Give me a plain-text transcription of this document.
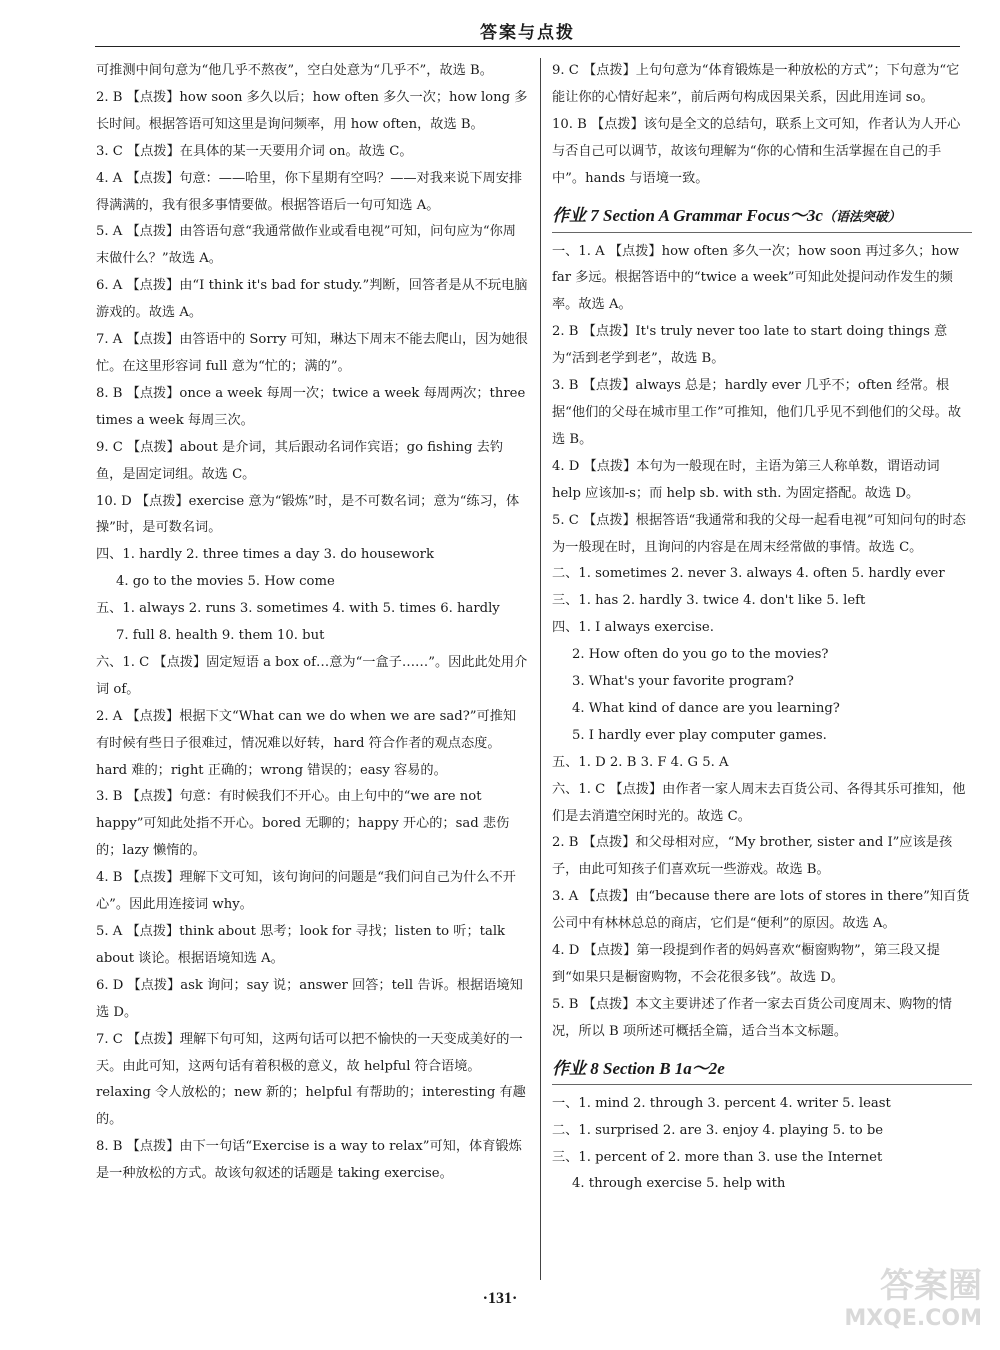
答案与点拨

可推测中间句意为“他几乎不熬夜”，空白处意为“几乎不”，故选 B。

2. B 【点拨】how soon 多久以后；how often 多久一次；how long 多长时间。根据答语可知这里是询问频率，用 how often，故选 B。

3. C 【点拨】在具体的某一天要用介词 on。故选 C。

4. A 【点拨】句意：——哈里，你下星期有空吗？——对我来说下周安排得满满的，我有很多事情要做。根据答语后一句可知选 A。

5. A 【点拨】由答语句意“我通常做作业或看电视”可知，问句应为“你周末做什么？”故选 A。

6. A 【点拨】由“I think it's bad for study.”判断，回答者是从不玩电脑游戏的。故选 A。

7. A 【点拨】由答语中的 Sorry 可知，琳达下周末不能去爬山，因为她很忙。在这里形容词 full 意为“忙的；满的”。

8. B 【点拨】once a week 每周一次；twice a week 每周两次；three times a week 每周三次。

9. C 【点拨】about 是介词，其后跟动名词作宾语；go fishing 去钓鱼，是固定词组。故选 C。

10. D 【点拨】exercise 意为“锻炼”时，是不可数名词；意为“练习，体操”时，是可数名词。

四、1. hardly 2. three times a day 3. do housework

4. go to the movies 5. How come

五、1. always 2. runs 3. sometimes 4. with 5. times 6. hardly

7. full 8. health 9. them 10. but

六、1. C 【点拨】固定短语 a box of…意为“一盒子……”。因此此处用介词 of。

2. A 【点拨】根据下文“What can we do when we are sad?”可推知有时候有些日子很难过，情况难以好转，hard 符合作者的观点态度。hard 难的；right 正确的；wrong 错误的；easy 容易的。

3. B 【点拨】句意：有时候我们不开心。由上句中的“we are not happy”可知此处指不开心。bored 无聊的；happy 开心的；sad 悲伤的；lazy 懒惰的。

4. B 【点拨】理解下文可知，该句询问的问题是“我们问自己为什么不开心”。因此用连接词 why。

5. A 【点拨】think about 思考；look for 寻找；listen to 听；talk about 谈论。根据语境知选 A。

6. D 【点拨】ask 询问；say 说；answer 回答；tell 告诉。根据语境知选 D。

7. C 【点拨】理解下句可知，这两句话可以把不愉快的一天变成美好的一天。由此可知，这两句话有着积极的意义，故 helpful 符合语境。relaxing 令人放松的；new 新的；helpful 有帮助的；interesting 有趣的。

8. B 【点拨】由下一句话“Exercise is a way to relax”可知，体育锻炼是一种放松的方式。故该句叙述的话题是 taking exercise。

9. C 【点拨】上句句意为“体育锻炼是一种放松的方式”；下句意为“它能让你的心情好起来”，前后两句构成因果关系，因此用连词 so。

10. B 【点拨】该句是全文的总结句，联系上文可知，作者认为人开心与否自己可以调节，故该句理解为“你的心情和生活掌握在自己的手中”。hands 与语境一致。

作业 7 Section A Grammar Focus～3c（语法突破）

一、1. A 【点拨】how often 多久一次；how soon 再过多久；how far 多远。根据答语中的“twice a week”可知此处提问动作发生的频率。故选 A。

2. B 【点拨】It's truly never too late to start doing things 意为“活到老学到老”，故选 B。

3. B 【点拨】always 总是；hardly ever 几乎不；often 经常。根据“他们的父母在城市里工作”可推知，他们几乎见不到他们的父母。故选 B。

4. D 【点拨】本句为一般现在时，主语为第三人称单数，谓语动词 help 应该加-s；而 help sb. with sth. 为固定搭配。故选 D。

5. C 【点拨】根据答语“我通常和我的父母一起看电视”可知问句的时态为一般现在时，且询问的内容是在周末经常做的事情。故选 C。

二、1. sometimes 2. never 3. always 4. often 5. hardly ever

三、1. has 2. hardly 3. twice 4. don't like 5. left

四、1. I always exercise.

2. How often do you go to the movies?

3. What's your favorite program?

4. What kind of dance are you learning?

5. I hardly ever play computer games.

五、1. D 2. B 3. F 4. G 5. A

六、1. C 【点拨】由作者一家人周末去百货公司、各得其乐可推知，他们是去消遣空闲时光的。故选 C。

2. B 【点拨】和父母相对应，“My brother, sister and I”应该是孩子，由此可知孩子们喜欢玩一些游戏。故选 B。

3. A 【点拨】由“because there are lots of stores in there”知百货公司中有林林总总的商店，它们是“便利”的原因。故选 A。

4. D 【点拨】第一段提到作者的妈妈喜欢“橱窗购物”，第三段又提到“如果只是橱窗购物，不会花很多钱”。故选 D。

5. B 【点拨】本文主要讲述了作者一家去百货公司度周末、购物的情况，所以 B 项所述可概括全篇，适合当本文标题。

作业 8 Section B 1a～2e

一、1. mind 2. through 3. percent 4. writer 5. least

二、1. surprised 2. are 3. enjoy 4. playing 5. to be

三、1. percent of 2. more than 3. use the Internet

4. through exercise 5. help with

·131·	答案圈
MXQE.COM
